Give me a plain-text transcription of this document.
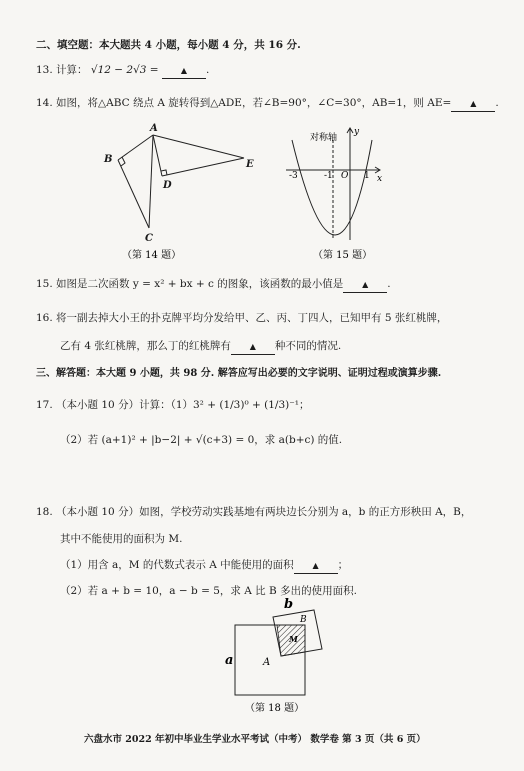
二、填空题：本大题共 4 小题，每小题 4 分，共 16 分.
13. 计算： √12 − 2√3 =	▲ .
14. 如图，将△ABC 绕点 A 旋转得到△ADE，若∠B=90°，∠C=30°，AB=1，则 AE= ▲ .
A
B
C
D
E
（第 14 题）
对称轴
y
x
-3	-1 O 1
（第 15 题）
15. 如图是二次函数 y = x² + bx + c 的图象，该函数的最小值是 ▲ .
16. 将一副去掉大小王的扑克牌平均分发给甲、乙、丙、丁四人，已知甲有 5 张红桃牌，
乙有 4 张红桃牌，那么丁的红桃牌有 ▲ 种不同的情况.
三、解答题：本大题 9 小题，共 98 分. 解答应写出必要的文字说明、证明过程或演算步骤.
17. （本小题 10 分）计算：（1）3² + (1/3)⁰ + (1/3)⁻¹；
（2）若 (a+1)² + |b−2| + √(c+3) = 0，求 a(b+c) 的值.
18. （本小题 10 分）如图，学校劳动实践基地有两块边长分别为 a，b 的正方形秧田 A，B，
其中不能使用的面积为 M.
（1）用含 a，M 的代数式表示 A 中能使用的面积 ▲ ；
（2）若 a + b = 10，a − b = 5，求 A 比 B 多出的使用面积.
b
a	A
B
M
（第 18 题）
六盘水市 2022 年初中毕业生学业水平考试（中考） 数学卷 第 3 页（共 6 页）
